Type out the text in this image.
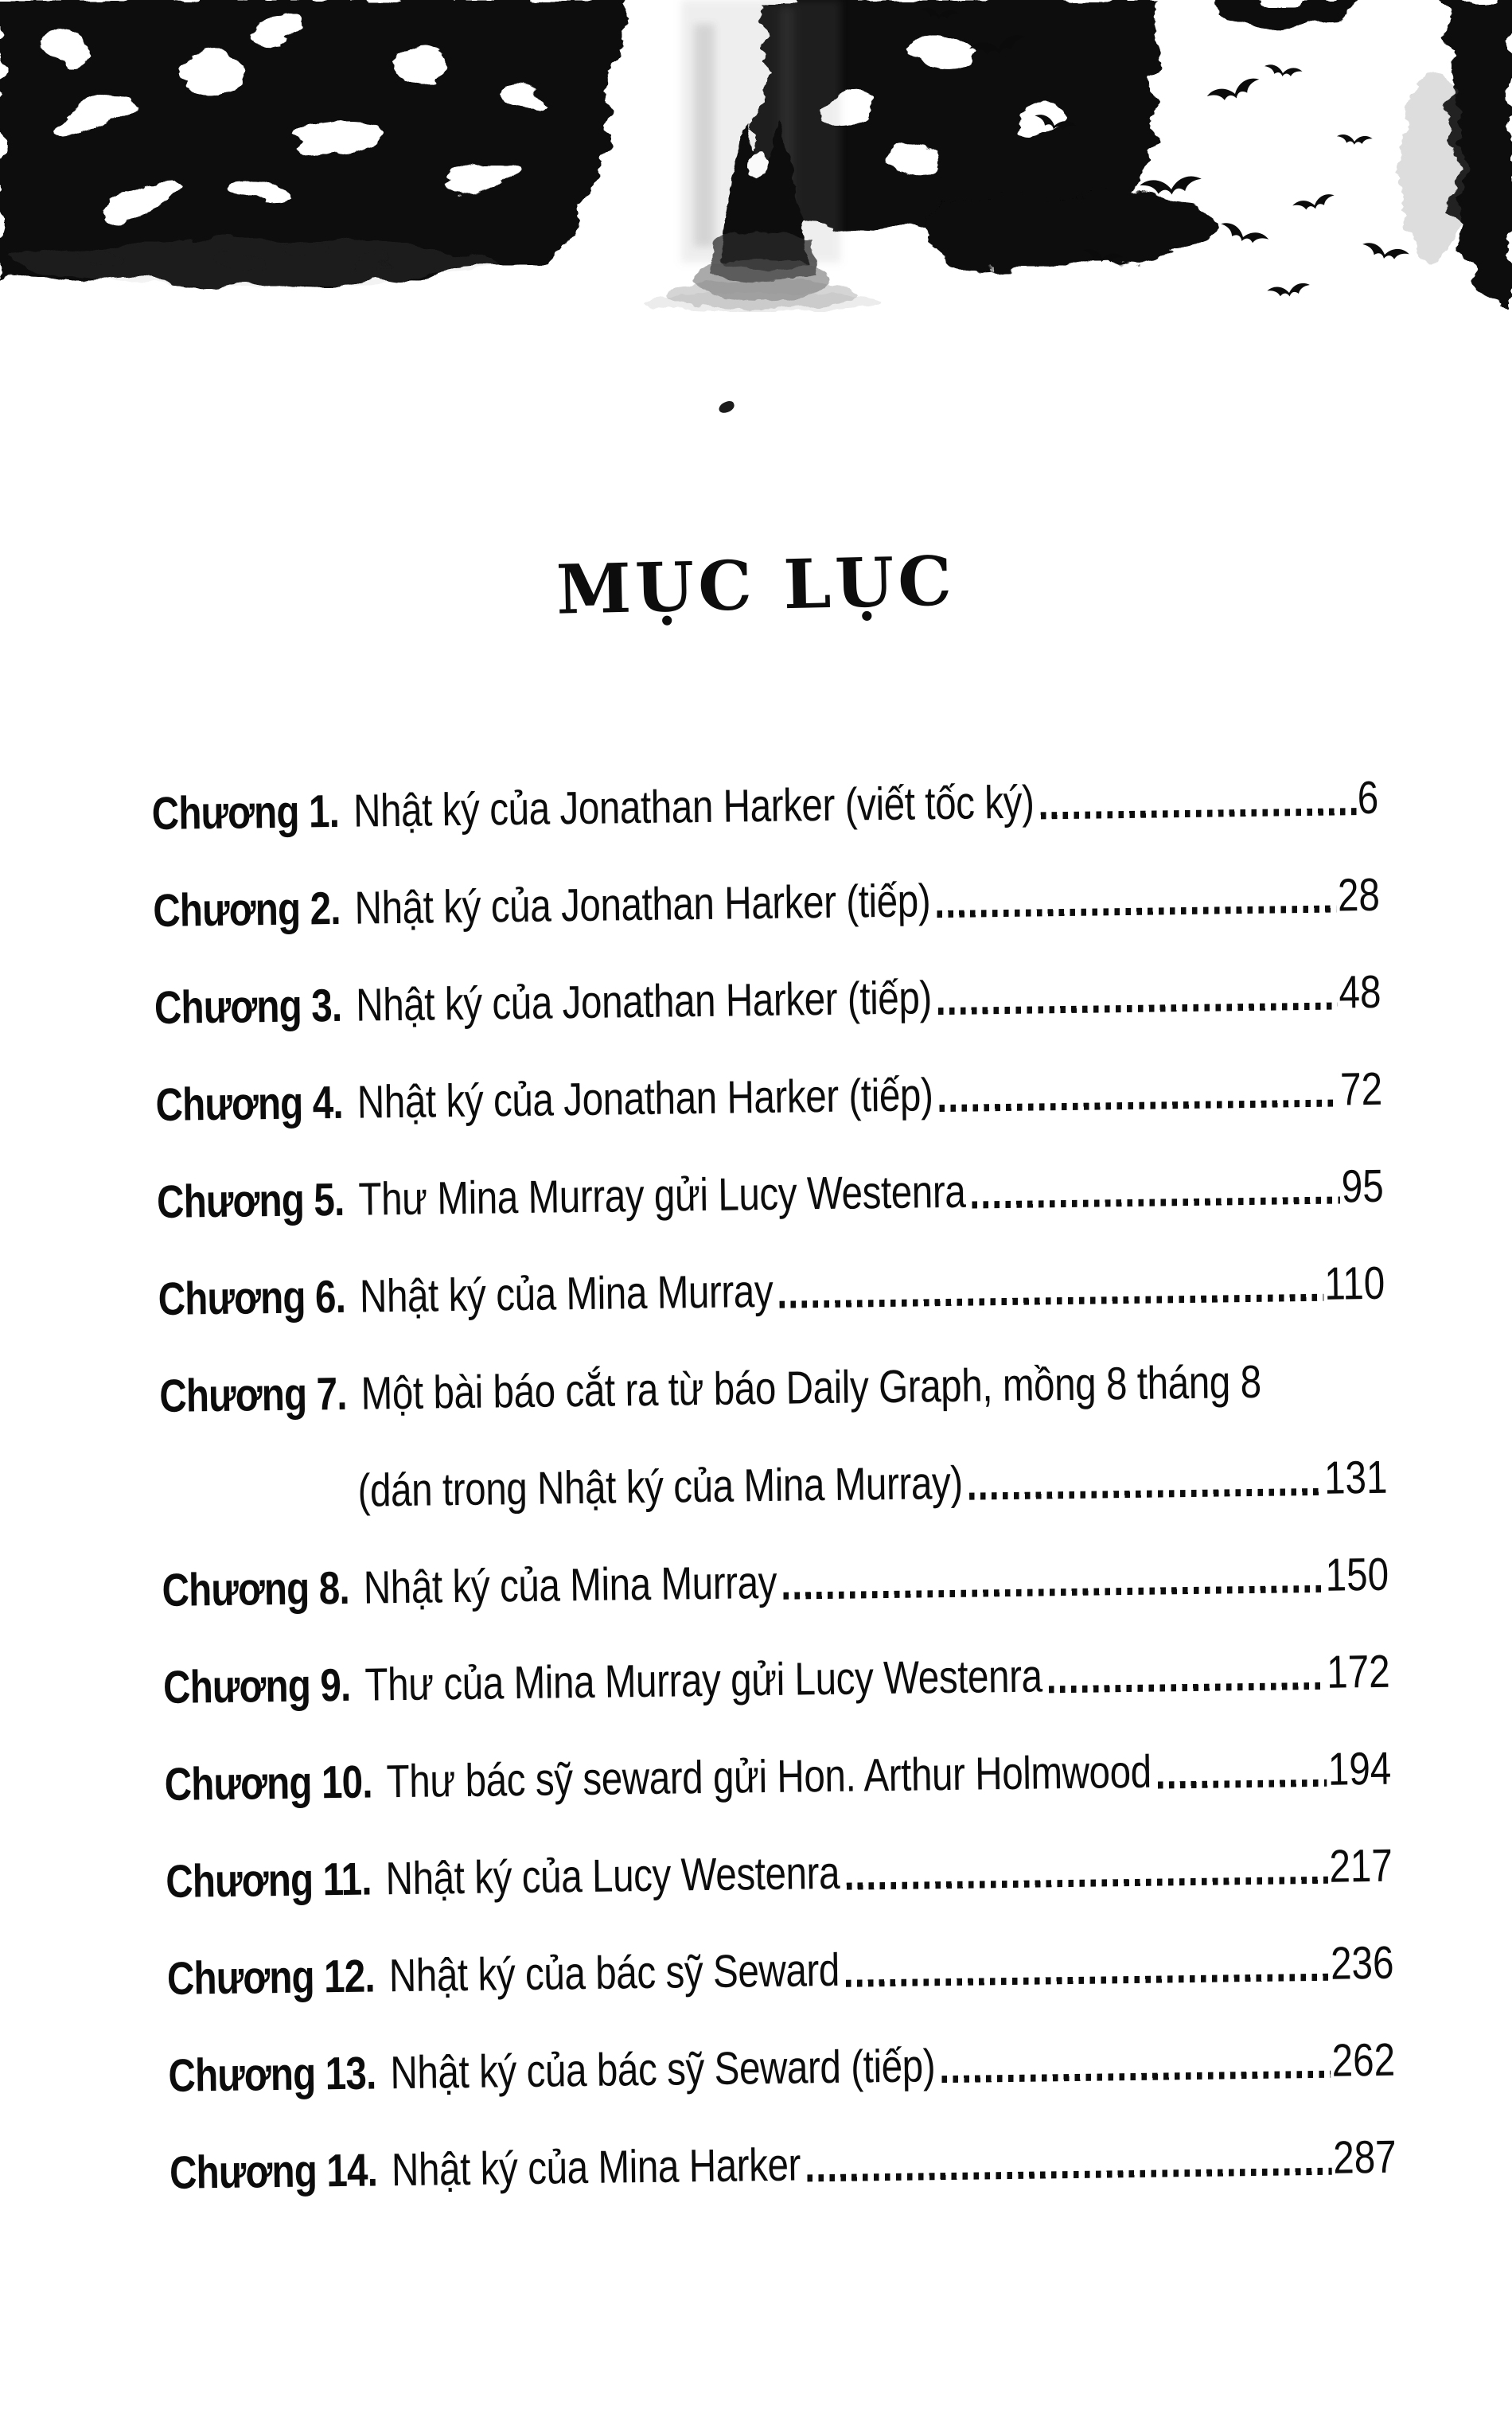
MỤC LỤC
Chương 1. Nhật ký của Jonathan Harker (viết tốc ký)	6
Chương 2. Nhật ký của Jonathan Harker (tiếp)	28
Chương 3. Nhật ký của Jonathan Harker (tiếp)	48
Chương 4. Nhật ký của Jonathan Harker (tiếp)	72
Chương 5. Thư Mina Murray gửi Lucy Westenra	95
Chương 6. Nhật ký của Mina Murray	110
Chương 7. Một bài báo cắt ra từ báo Daily Graph, mồng 8 tháng 8
(dán trong Nhật ký của Mina Murray)	131
Chương 8. Nhật ký của Mina Murray	150
Chương 9. Thư của Mina Murray gửi Lucy Westenra	172
Chương 10. Thư bác sỹ seward gửi Hon. Arthur Holmwood	194
Chương 11. Nhật ký của Lucy Westenra	217
Chương 12. Nhật ký của bác sỹ Seward	236
Chương 13. Nhật ký của bác sỹ Seward (tiếp)	262
Chương 14. Nhật ký của Mina Harker	287
